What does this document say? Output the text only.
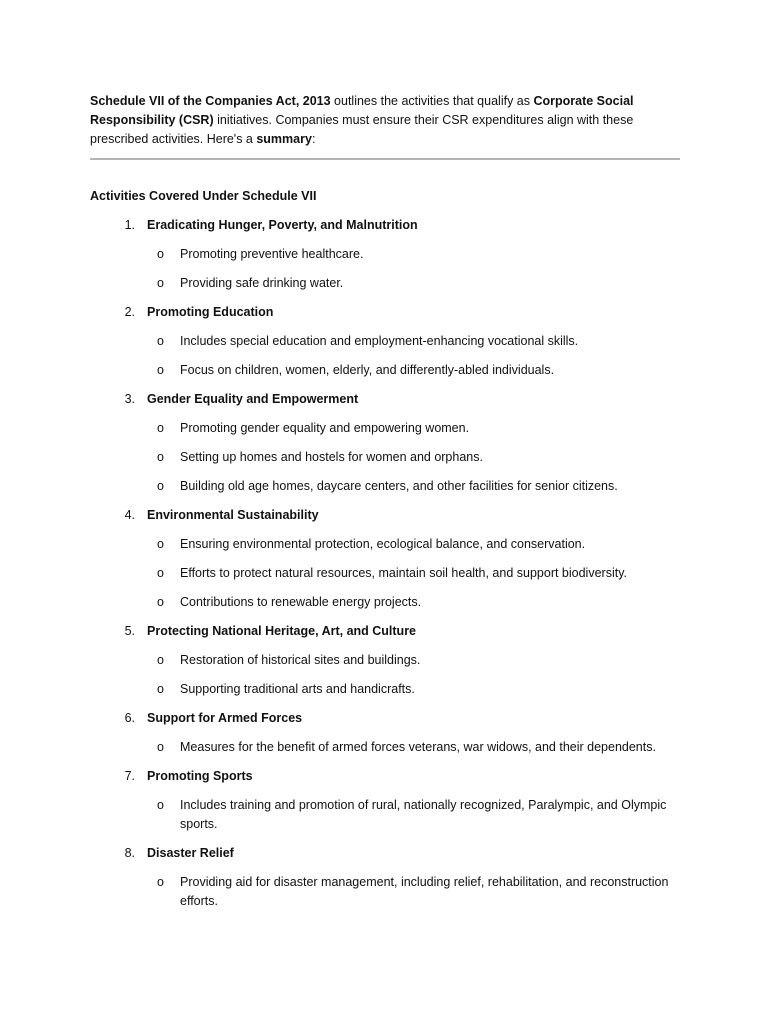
Schedule VII of the Companies Act, 2013 outlines the activities that qualify as Corporate Social Responsibility (CSR) initiatives. Companies must ensure their CSR expenditures align with these prescribed activities. Here's a summary:

Activities Covered Under Schedule VII
1. Eradicating Hunger, Poverty, and Malnutrition
o	Promoting preventive healthcare.
o	Providing safe drinking water.
2. Promoting Education
o	Includes special education and employment-enhancing vocational skills.
o	Focus on children, women, elderly, and differently-abled individuals.
3. Gender Equality and Empowerment
o	Promoting gender equality and empowering women.
o	Setting up homes and hostels for women and orphans.
o	Building old age homes, daycare centers, and other facilities for senior citizens.
4. Environmental Sustainability
o	Ensuring environmental protection, ecological balance, and conservation.
o	Efforts to protect natural resources, maintain soil health, and support biodiversity.
o	Contributions to renewable energy projects.
5. Protecting National Heritage, Art, and Culture
o	Restoration of historical sites and buildings.
o	Supporting traditional arts and handicrafts.
6. Support for Armed Forces
o	Measures for the benefit of armed forces veterans, war widows, and their dependents.
7. Promoting Sports
o	Includes training and promotion of rural, nationally recognized, Paralympic, and Olympic sports.
8. Disaster Relief
o	Providing aid for disaster management, including relief, rehabilitation, and reconstruction efforts.
